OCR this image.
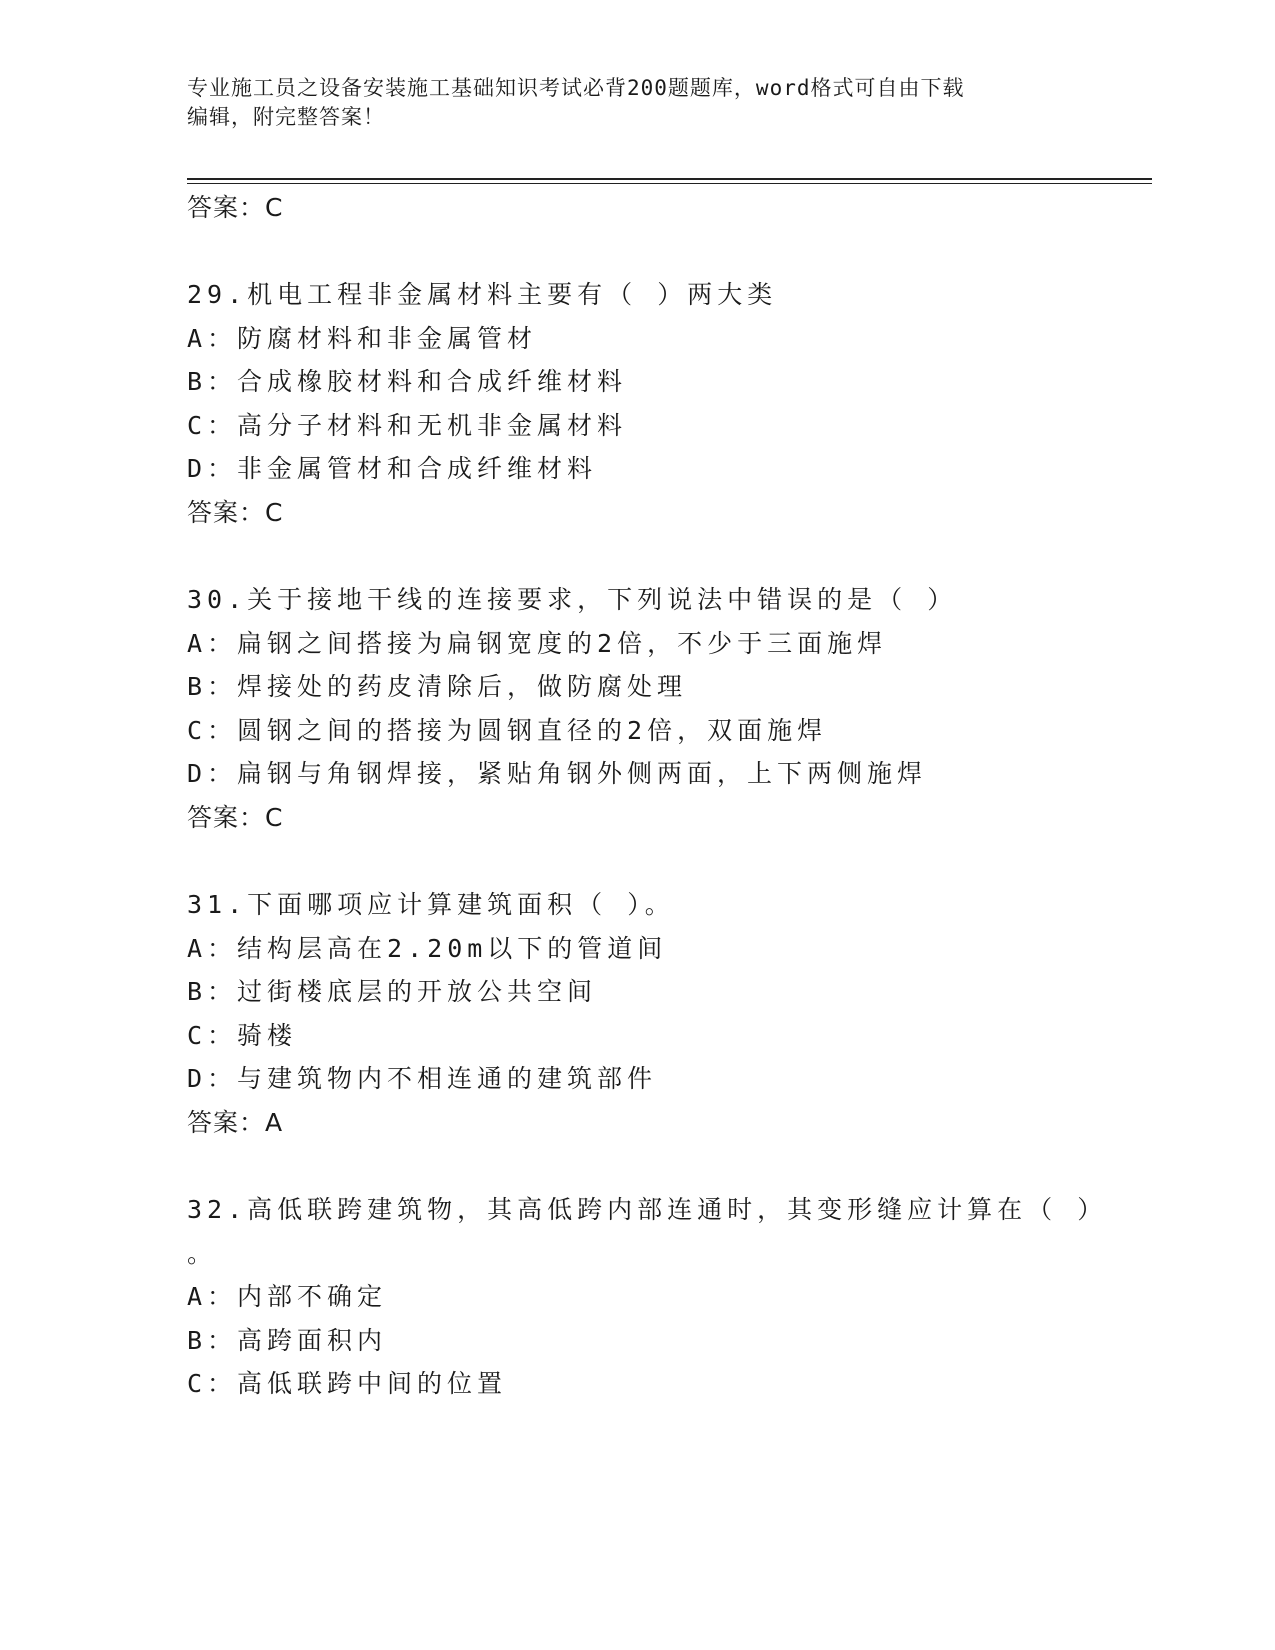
专业施工员之设备安装施工基础知识考试必背200题题库，word格式可自由下载
编辑，附完整答案！
答案：C
29.机电工程非金属材料主要有（ ）两大类
A：防腐材料和非金属管材
B：合成橡胶材料和合成纤维材料
C：高分子材料和无机非金属材料
D：非金属管材和合成纤维材料
答案：C
30.关于接地干线的连接要求，下列说法中错误的是（ ）
A：扁钢之间搭接为扁钢宽度的2倍，不少于三面施焊
B：焊接处的药皮清除后，做防腐处理
C：圆钢之间的搭接为圆钢直径的2倍，双面施焊
D：扁钢与角钢焊接，紧贴角钢外侧两面，上下两侧施焊
答案：C
31.下面哪项应计算建筑面积（ ）。
A：结构层高在2.20m以下的管道间
B：过街楼底层的开放公共空间
C：骑楼
D：与建筑物内不相连通的建筑部件
答案：A
32.高低联跨建筑物，其高低跨内部连通时，其变形缝应计算在（ ）
。
A：内部不确定
B：高跨面积内
C：高低联跨中间的位置
